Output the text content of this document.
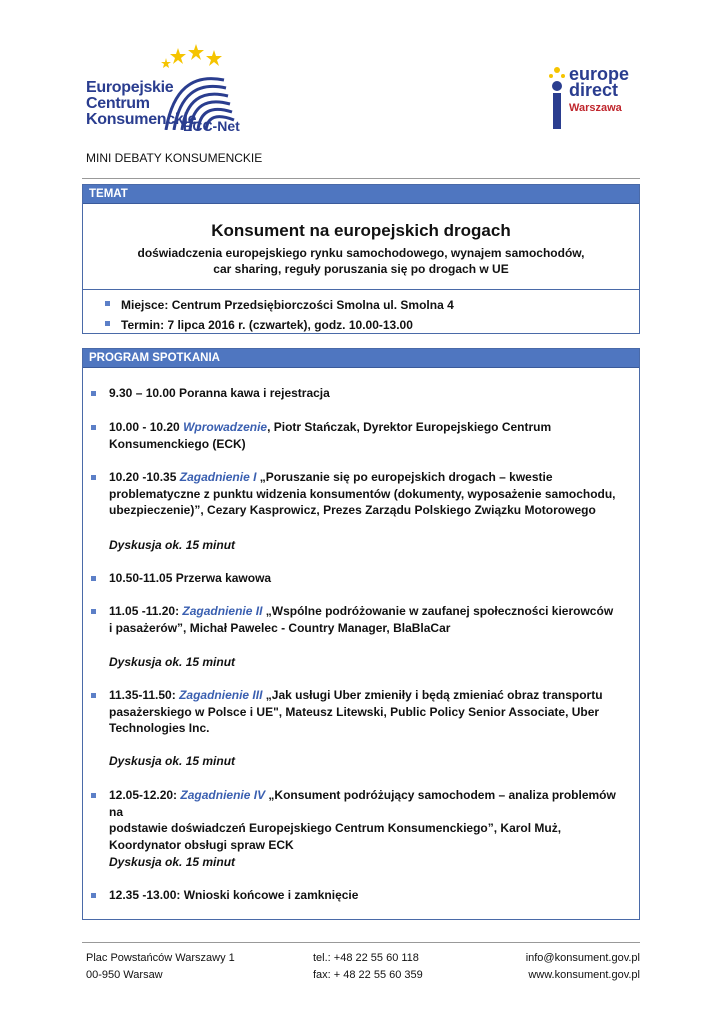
Europejskie
Centrum
Konsumenckie
ECC-Net
europe
direct
Warszawa
MINI DEBATY KONSUMENCKIE
TEMAT
Konsument na europejskich drogach
doświadczenia europejskiego rynku samochodowego, wynajem samochodów,
car sharing, reguły poruszania się po drogach w UE
Miejsce: Centrum Przedsiębiorczości Smolna ul. Smolna 4
Termin: 7 lipca 2016 r. (czwartek), godz. 10.00-13.00
PROGRAM SPOTKANIA
9.30 – 10.00 Poranna kawa i rejestracja
10.00 - 10.20 Wprowadzenie, Piotr Stańczak, Dyrektor Europejskiego Centrum
Konsumenckiego (ECK)
10.20 -10.35 Zagadnienie I „Poruszanie się po europejskich drogach – kwestie
problematyczne z punktu widzenia konsumentów (dokumenty, wyposażenie samochodu,
ubezpieczenie)”, Cezary Kasprowicz, Prezes Zarządu Polskiego Związku Motorowego
Dyskusja ok. 15 minut
10.50-11.05 Przerwa kawowa
11.05 -11.20: Zagadnienie II „Wspólne podróżowanie w zaufanej społeczności kierowców
i pasażerów”, Michał Pawelec - Country Manager, BlaBlaCar
Dyskusja ok. 15 minut
11.35-11.50: Zagadnienie III „Jak usługi Uber zmieniły i będą zmieniać obraz transportu
pasażerskiego w Polsce i UE", Mateusz Litewski, Public Policy Senior Associate, Uber
Technologies Inc.
Dyskusja ok. 15 minut
12.05-12.20: Zagadnienie IV „Konsument podróżujący samochodem – analiza problemów na
podstawie doświadczeń Europejskiego Centrum Konsumenckiego”, Karol Muż,
Koordynator obsługi spraw ECK
Dyskusja ok. 15 minut
12.35 -13.00: Wnioski końcowe i zamknięcie
Plac Powstańców Warszawy 1
00-950 Warsaw
tel.: +48 22 55 60 118
fax: + 48 22 55 60 359
info@konsument.gov.pl
www.konsument.gov.pl
